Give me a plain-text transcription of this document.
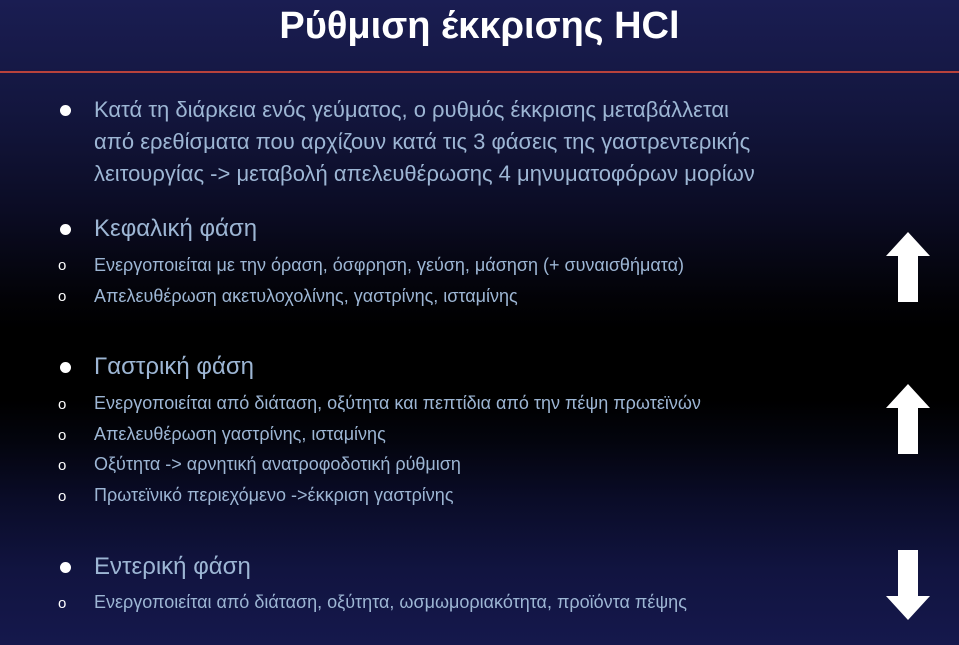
Ρύθμιση έκκρισης HCl
Κατά τη διάρκεια ενός γεύματος, ο ρυθμός έκκρισης μεταβάλλεται
από ερεθίσματα που αρχίζουν κατά τις 3 φάσεις της γαστρεντερικής
λειτουργίας -> μεταβολή απελευθέρωσης 4 μηνυματοφόρων μορίων
Κεφαλική φάση
o Ενεργοποιείται με την όραση, όσφρηση, γεύση, μάσηση (+ συναισθήματα)
o Απελευθέρωση ακετυλοχολίνης, γαστρίνης, ισταμίνης
Γαστρική φάση
o Ενεργοποιείται από διάταση, οξύτητα και πεπτίδια από την πέψη πρωτεϊνών
o Απελευθέρωση γαστρίνης, ισταμίνης
o Οξύτητα -> αρνητική ανατροφοδοτική ρύθμιση
o Πρωτεϊνικό περιεχόμενο ->έκκριση γαστρίνης
Εντερική φάση
o Ενεργοποιείται από διάταση, οξύτητα, ωσμωμοριακότητα, προϊόντα πέψης
